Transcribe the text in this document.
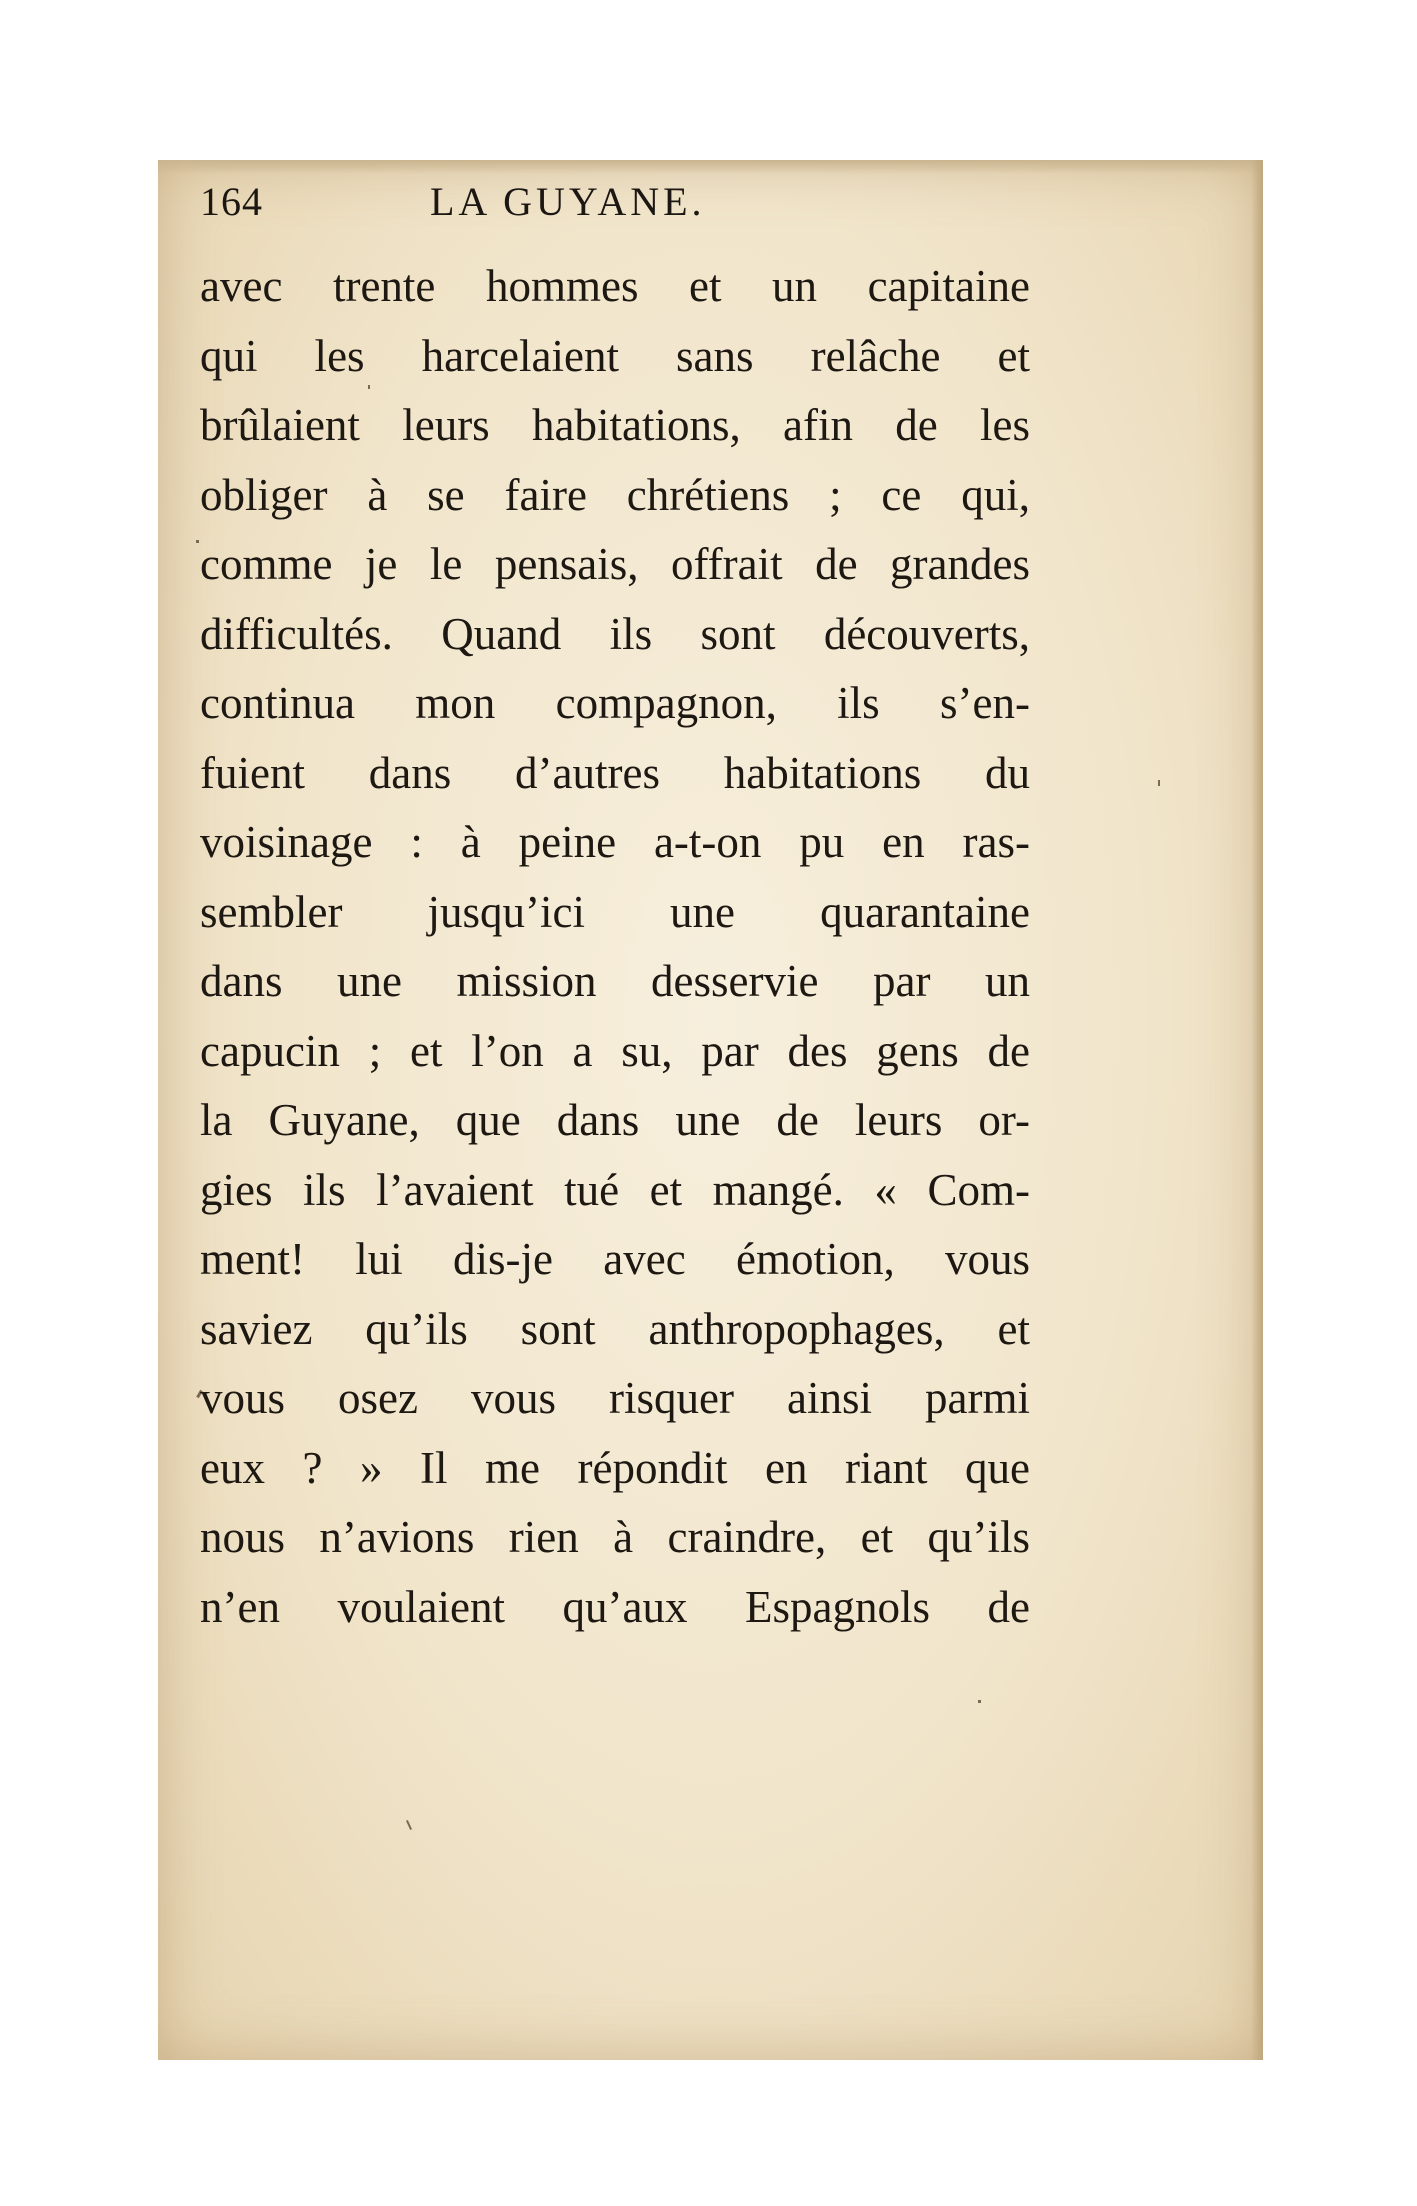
164	LA GUYANE.
avec trente hommes et un capitaine
qui les harcelaient sans relâche et
brûlaient leurs habitations, afin de les
obliger à se faire chrétiens ; ce qui,
comme je le pensais, offrait de grandes
difficultés. Quand ils sont découverts,
continua mon compagnon, ils s’en-
fuient dans d’autres habitations du
voisinage : à peine a-t-on pu en ras-
sembler jusqu’ici une quarantaine
dans une mission desservie par un
capucin ; et l’on a su, par des gens de
la Guyane, que dans une de leurs or-
gies ils l’avaient tué et mangé. « Com-
ment! lui dis-je avec émotion, vous
saviez qu’ils sont anthropophages, et
vous osez vous risquer ainsi parmi
eux ? » Il me répondit en riant que
nous n’avions rien à craindre, et qu’ils
n’en voulaient qu’aux Espagnols de
